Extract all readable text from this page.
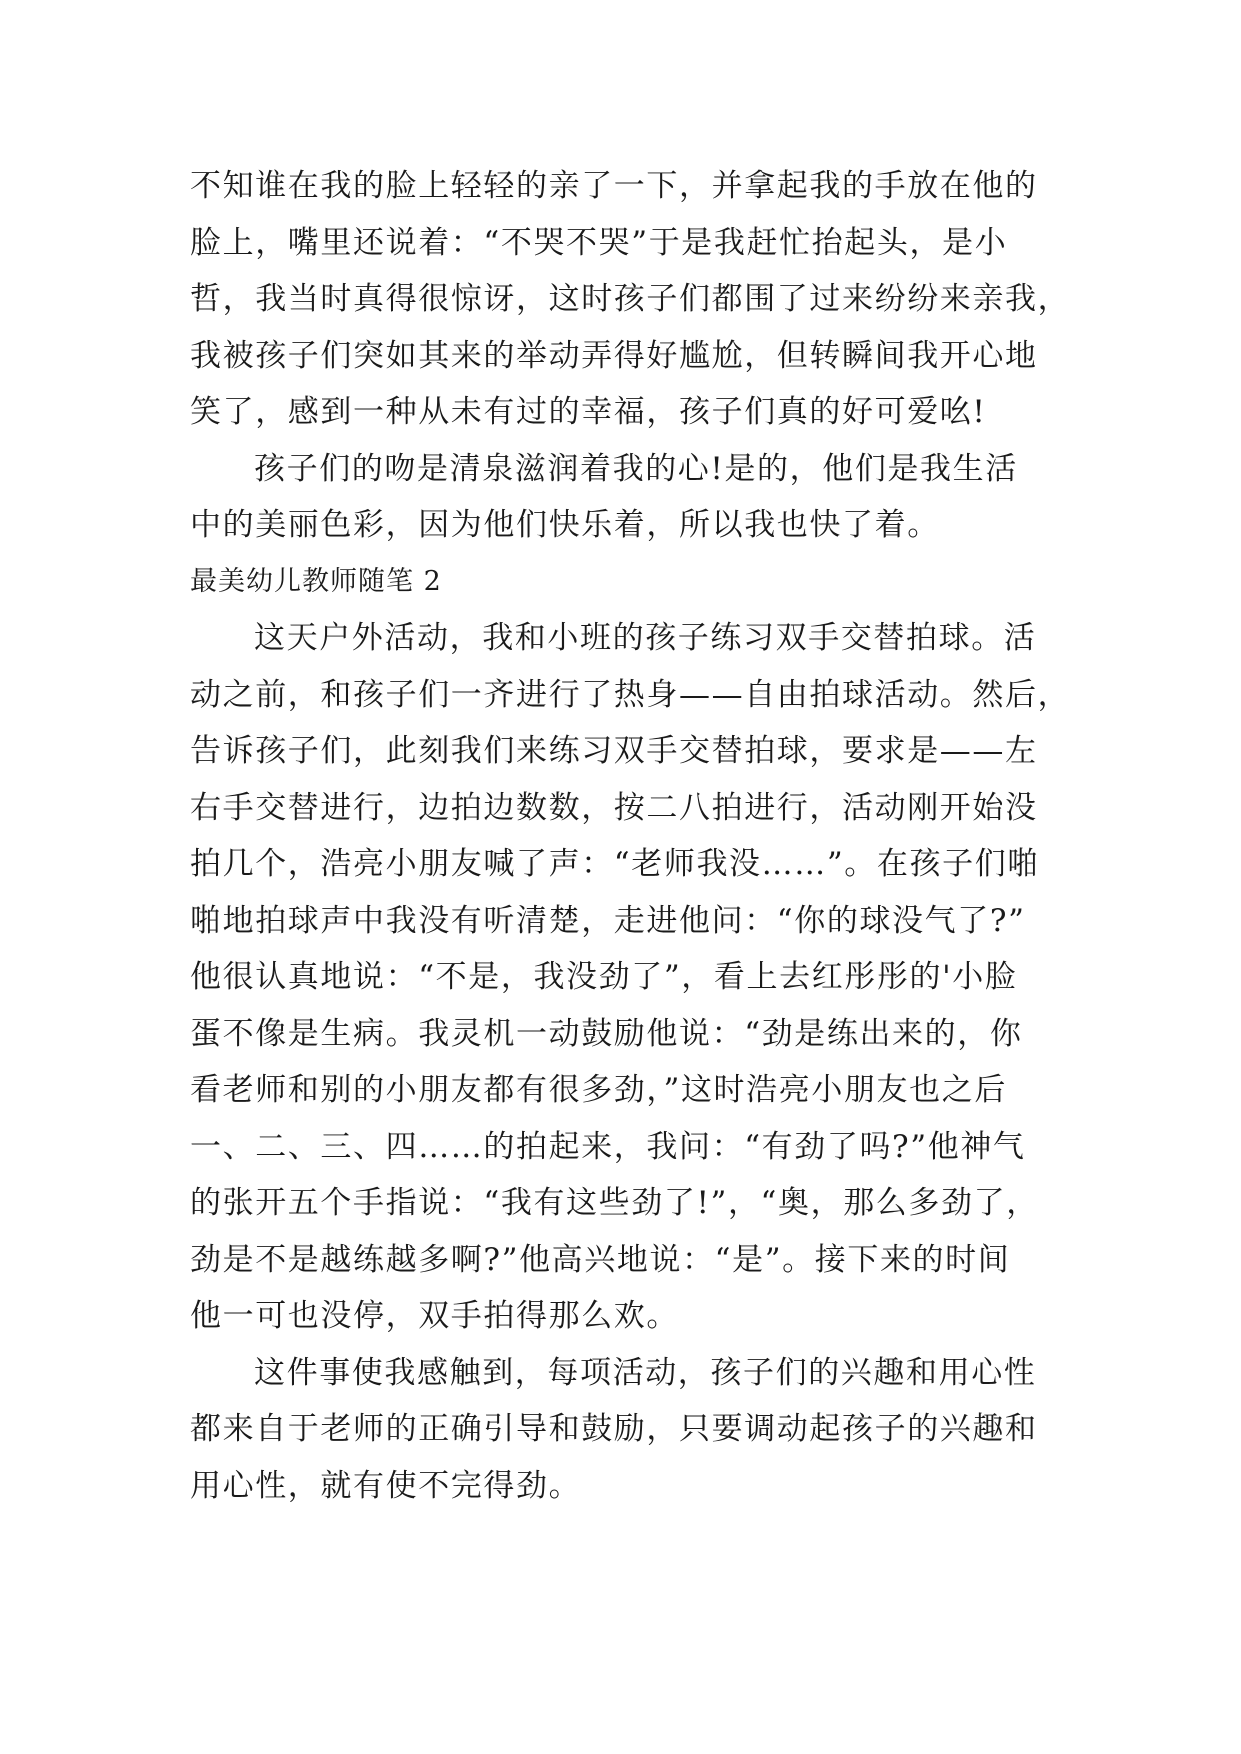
不知谁在我的脸上轻轻的亲了一下，并拿起我的手放在他的
脸上，嘴里还说着：“不哭不哭”于是我赶忙抬起头，是小
哲，我当时真得很惊讶，这时孩子们都围了过来纷纷来亲我，
我被孩子们突如其来的举动弄得好尴尬，但转瞬间我开心地
笑了，感到一种从未有过的幸福，孩子们真的好可爱吆!
孩子们的吻是清泉滋润着我的心!是的，他们是我生活
中的美丽色彩，因为他们快乐着，所以我也快了着。
最美幼儿教师随笔 2
这天户外活动，我和小班的孩子练习双手交替拍球。活
动之前，和孩子们一齐进行了热身——自由拍球活动。然后，
告诉孩子们，此刻我们来练习双手交替拍球，要求是——左
右手交替进行，边拍边数数，按二八拍进行，活动刚开始没
拍几个，浩亮小朋友喊了声：“老师我没……”。在孩子们啪
啪地拍球声中我没有听清楚，走进他问：“你的球没气了?”
他很认真地说：“不是，我没劲了”，看上去红彤彤的'小脸
蛋不像是生病。我灵机一动鼓励他说：“劲是练出来的，你
看老师和别的小朋友都有很多劲，”这时浩亮小朋友也之后
一、二、三、四……的拍起来，我问：“有劲了吗?”他神气
的张开五个手指说：“我有这些劲了!”，“奥，那么多劲了，
劲是不是越练越多啊?”他高兴地说：“是”。接下来的时间
他一可也没停，双手拍得那么欢。
这件事使我感触到，每项活动，孩子们的兴趣和用心性
都来自于老师的正确引导和鼓励，只要调动起孩子的兴趣和
用心性，就有使不完得劲。
